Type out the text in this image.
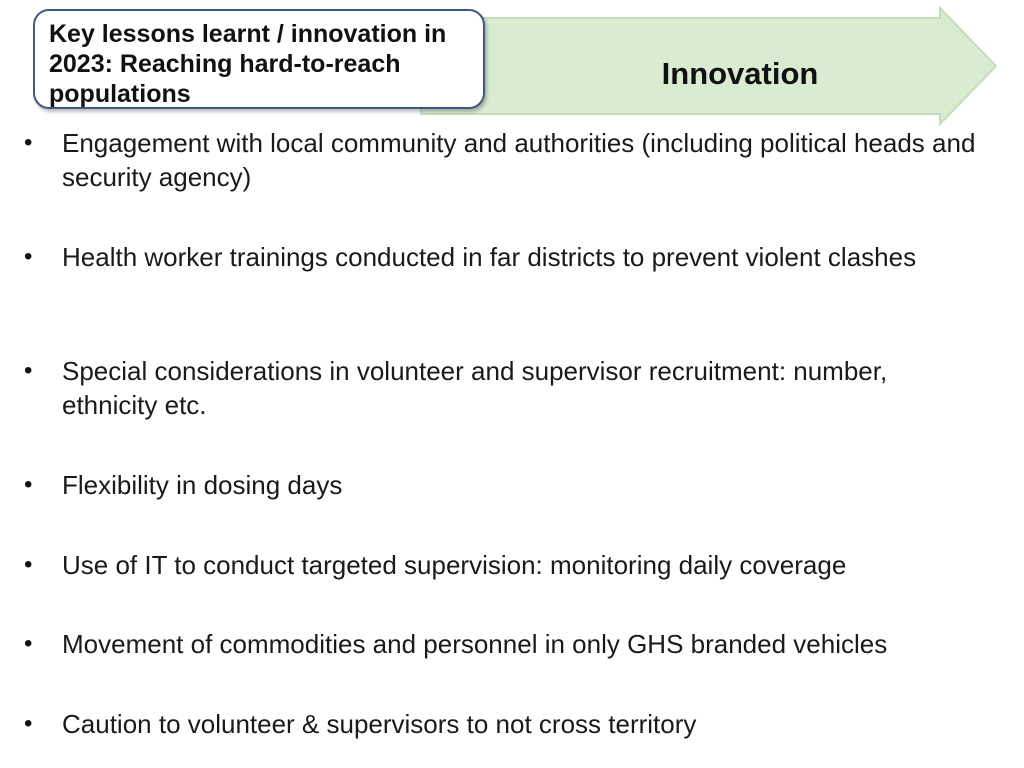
Innovation
Key lessons learnt / innovation in 2023: Reaching hard-to-reach populations
•	Engagement with local community and authorities (including political heads and security agency)
•	Health worker trainings conducted in far districts to prevent violent clashes
•	Special considerations in volunteer and supervisor recruitment: number, ethnicity etc.
•	Flexibility in dosing days
•	Use of IT to conduct targeted supervision: monitoring daily coverage
•	Movement of commodities and personnel in only GHS branded vehicles
•	Caution to volunteer & supervisors to not cross territory
